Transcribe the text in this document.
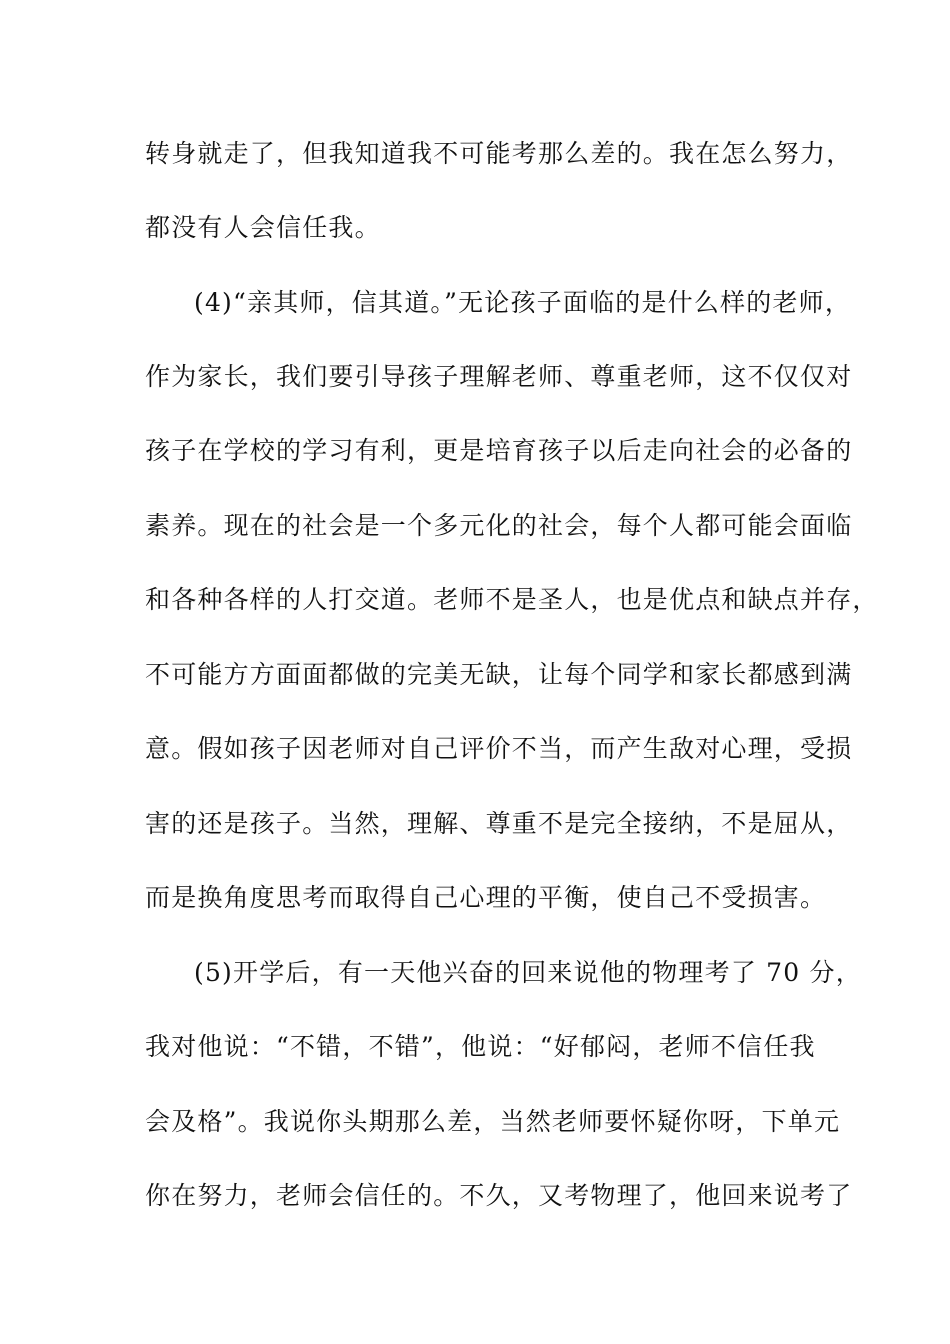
转身就走了，但我知道我不可能考那么差的。我在怎么努力，
都没有人会信任我。
(4)“亲其师，信其道。”无论孩子面临的是什么样的老师，
作为家长，我们要引导孩子理解老师、尊重老师，这不仅仅对
孩子在学校的学习有利，更是培育孩子以后走向社会的必备的
素养。现在的社会是一个多元化的社会，每个人都可能会面临
和各种各样的人打交道。老师不是圣人，也是优点和缺点并存，
不可能方方面面都做的完美无缺，让每个同学和家长都感到满
意。假如孩子因老师对自己评价不当，而产生敌对心理，受损
害的还是孩子。当然，理解、尊重不是完全接纳，不是屈从，
而是换角度思考而取得自己心理的平衡，使自己不受损害。
(5)开学后，有一天他兴奋的回来说他的物理考了 70 分，
我对他说：“不错，不错”，他说：“好郁闷，老师不信任我
会及格”。我说你头期那么差，当然老师要怀疑你呀，下单元
你在努力，老师会信任的。不久，又考物理了，他回来说考了
